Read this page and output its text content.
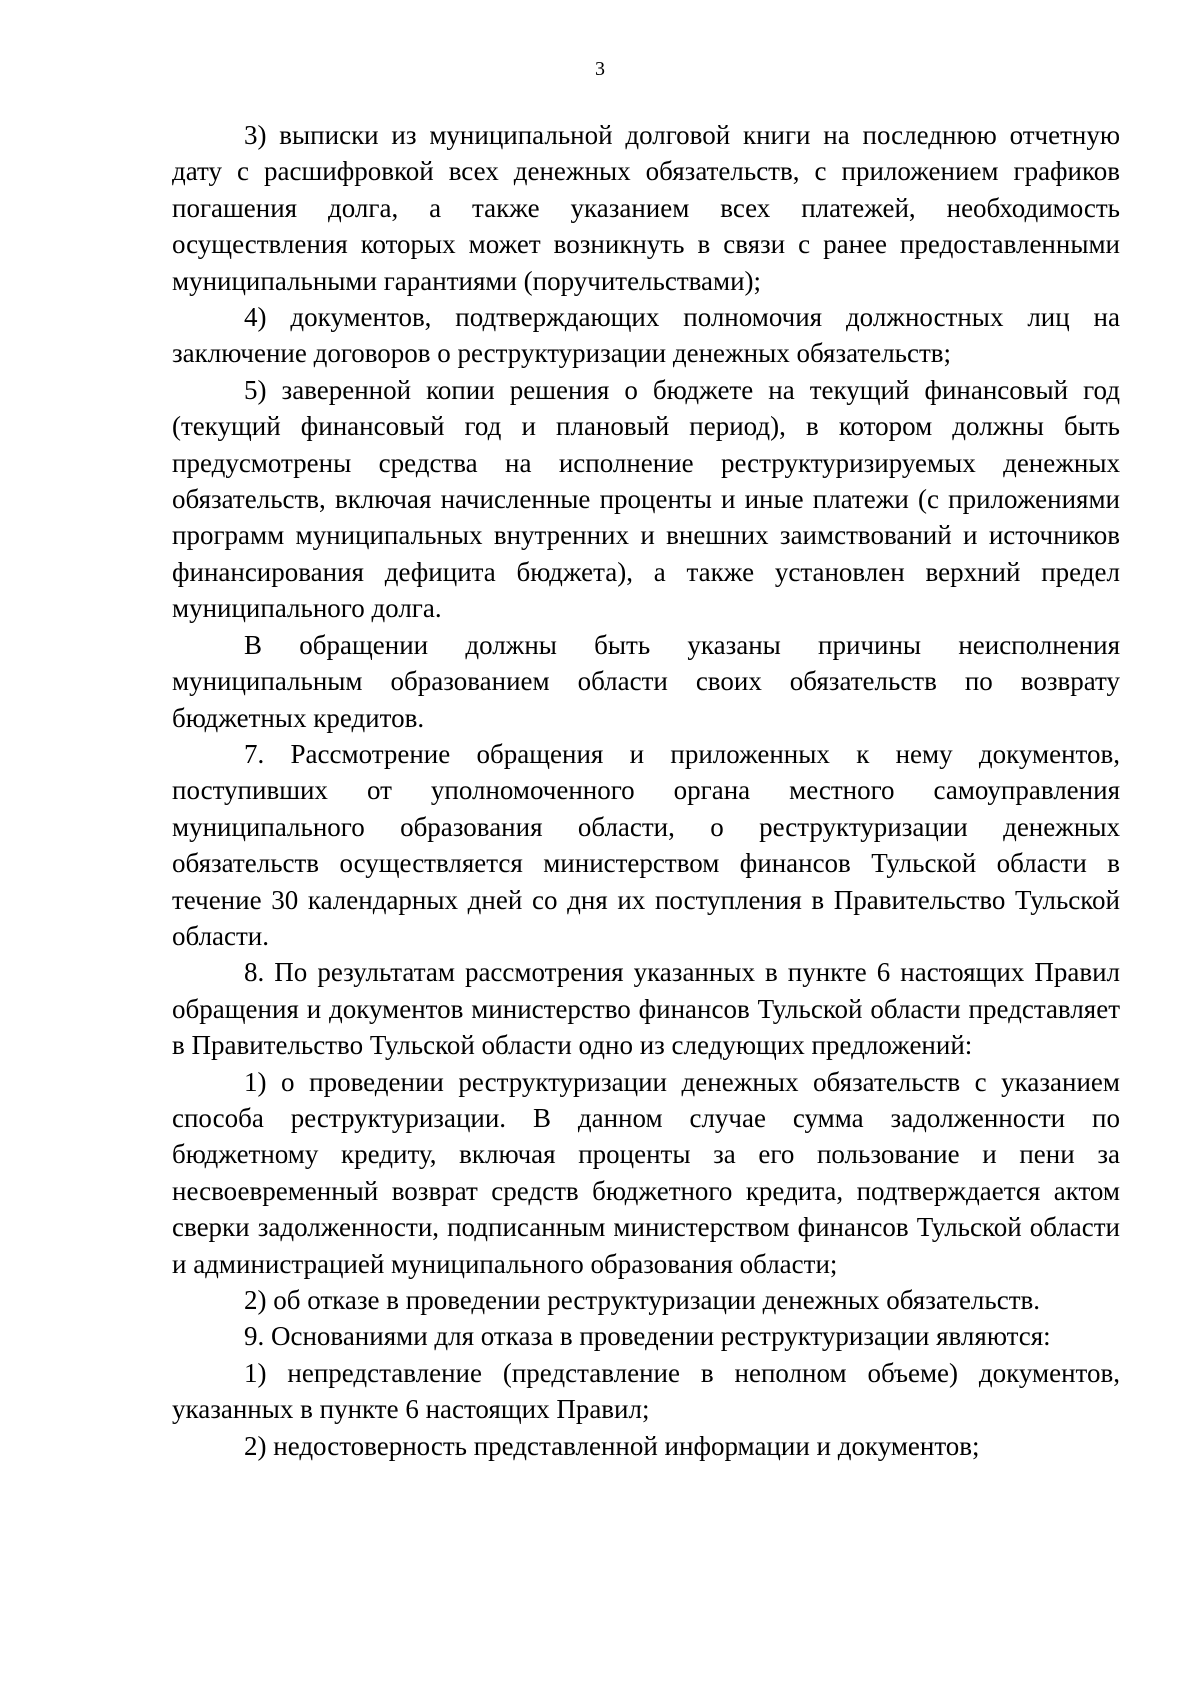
3

3) выписки из муниципальной долговой книги на последнюю отчетную дату с расшифровкой всех денежных обязательств, с приложением графиков погашения долга, а также указанием всех платежей, необходимость осуществления которых может возникнуть в связи с ранее предоставленными муниципальными гарантиями (поручительствами);

4) документов, подтверждающих полномочия должностных лиц на заключение договоров о реструктуризации денежных обязательств;

5) заверенной копии решения о бюджете на текущий финансовый год (текущий финансовый год и плановый период), в котором должны быть предусмотрены средства на исполнение реструктуризируемых денежных обязательств, включая начисленные проценты и иные платежи (с приложениями программ муниципальных внутренних и внешних заимствований и источников финансирования дефицита бюджета), а также установлен верхний предел муниципального долга.

В обращении должны быть указаны причины неисполнения муниципальным образованием области своих обязательств по возврату бюджетных кредитов.

7. Рассмотрение обращения и приложенных к нему документов, поступивших от уполномоченного органа местного самоуправления муниципального образования области, о реструктуризации денежных обязательств осуществляется министерством финансов Тульской области в течение 30 календарных дней со дня их поступления в Правительство Тульской области.

8. По результатам рассмотрения указанных в пункте 6 настоящих Правил обращения и документов министерство финансов Тульской области представляет в Правительство Тульской области одно из следующих предложений:

1) о проведении реструктуризации денежных обязательств с указанием способа реструктуризации. В данном случае сумма задолженности по бюджетному кредиту, включая проценты за его пользование и пени за несвоевременный возврат средств бюджетного кредита, подтверждается актом сверки задолженности, подписанным министерством финансов Тульской области и администрацией муниципального образования области;

2) об отказе в проведении реструктуризации денежных обязательств.

9. Основаниями для отказа в проведении реструктуризации являются:

1) непредставление (представление в неполном объеме) документов, указанных в пункте 6 настоящих Правил;

2) недостоверность представленной информации и документов;
